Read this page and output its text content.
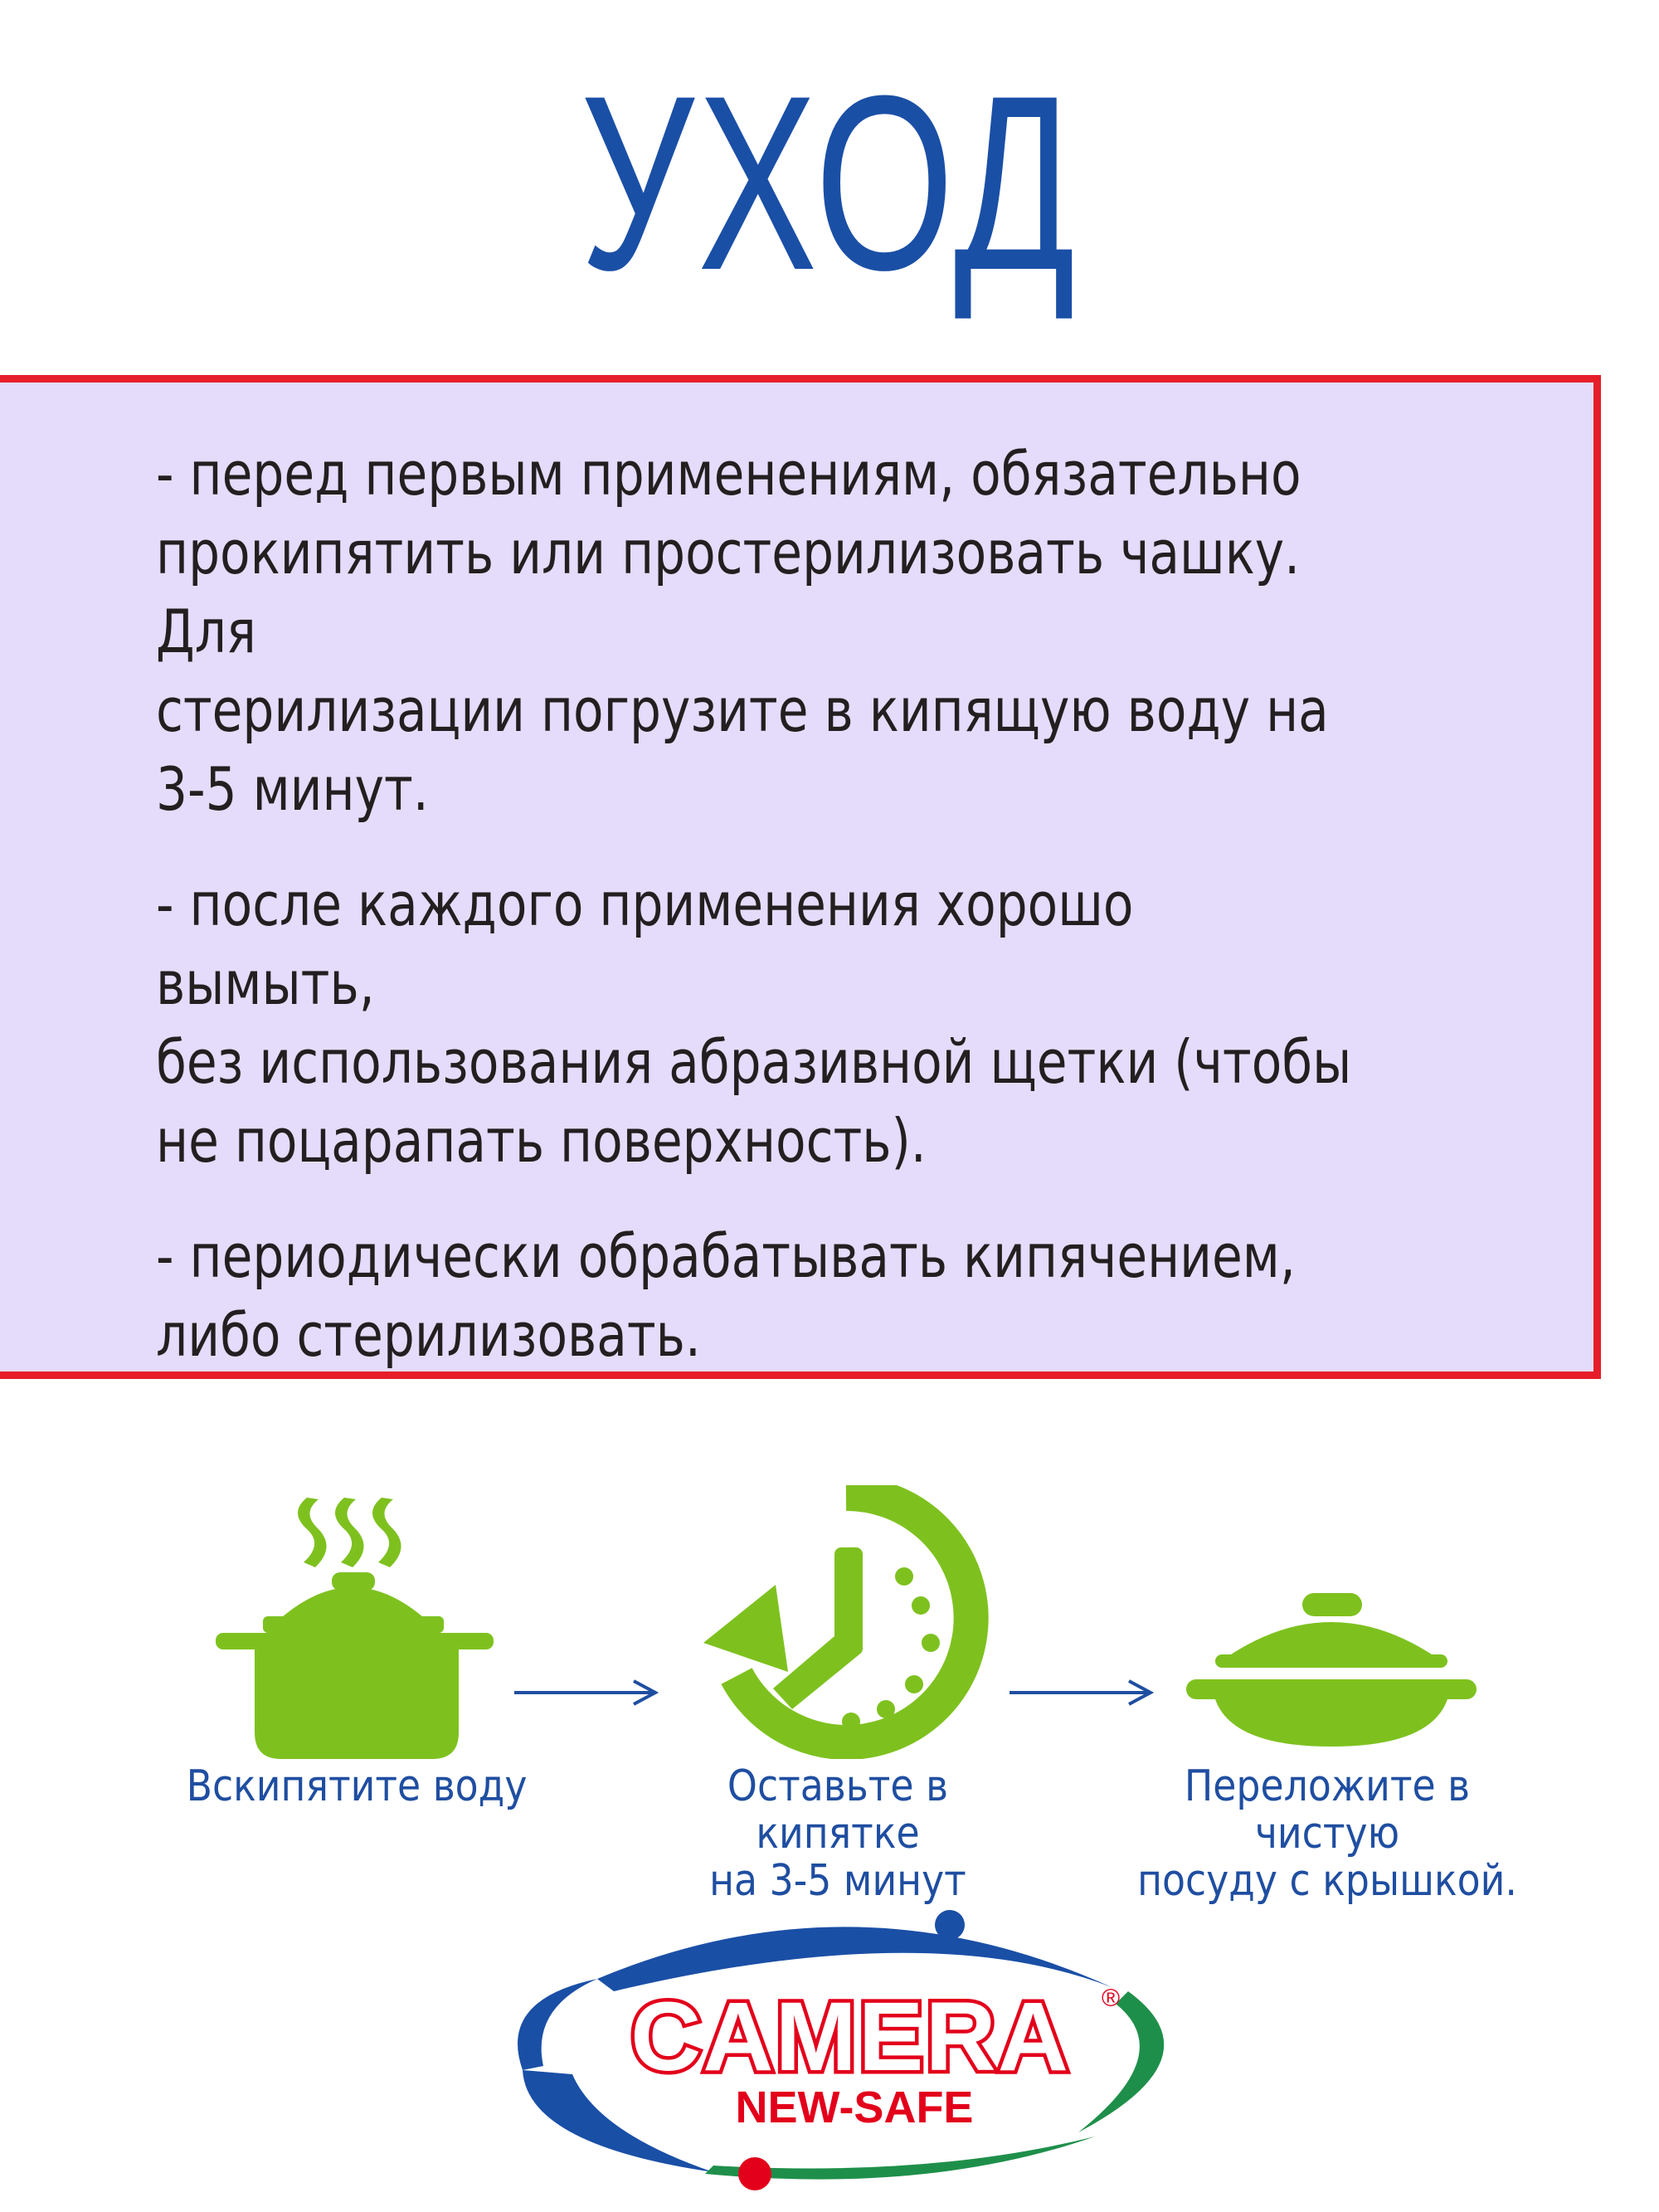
УХОД

- перед первым применениям, обязательно
прокипятить или простерилизовать чашку. Для
стерилизации погрузите в кипящую воду на
3-5 минут.

- после каждого применения хорошо вымыть,
без использования абразивной щетки (чтобы
не поцарапать поверхность).

- периодически обрабатывать кипячением,
либо стерилизовать.

Вскипятите воду	Оставьте в кипятке
на 3-5 минут
Переложите в чистую
посуду с крышкой.
CAMERA ®
NEW-SAFE
